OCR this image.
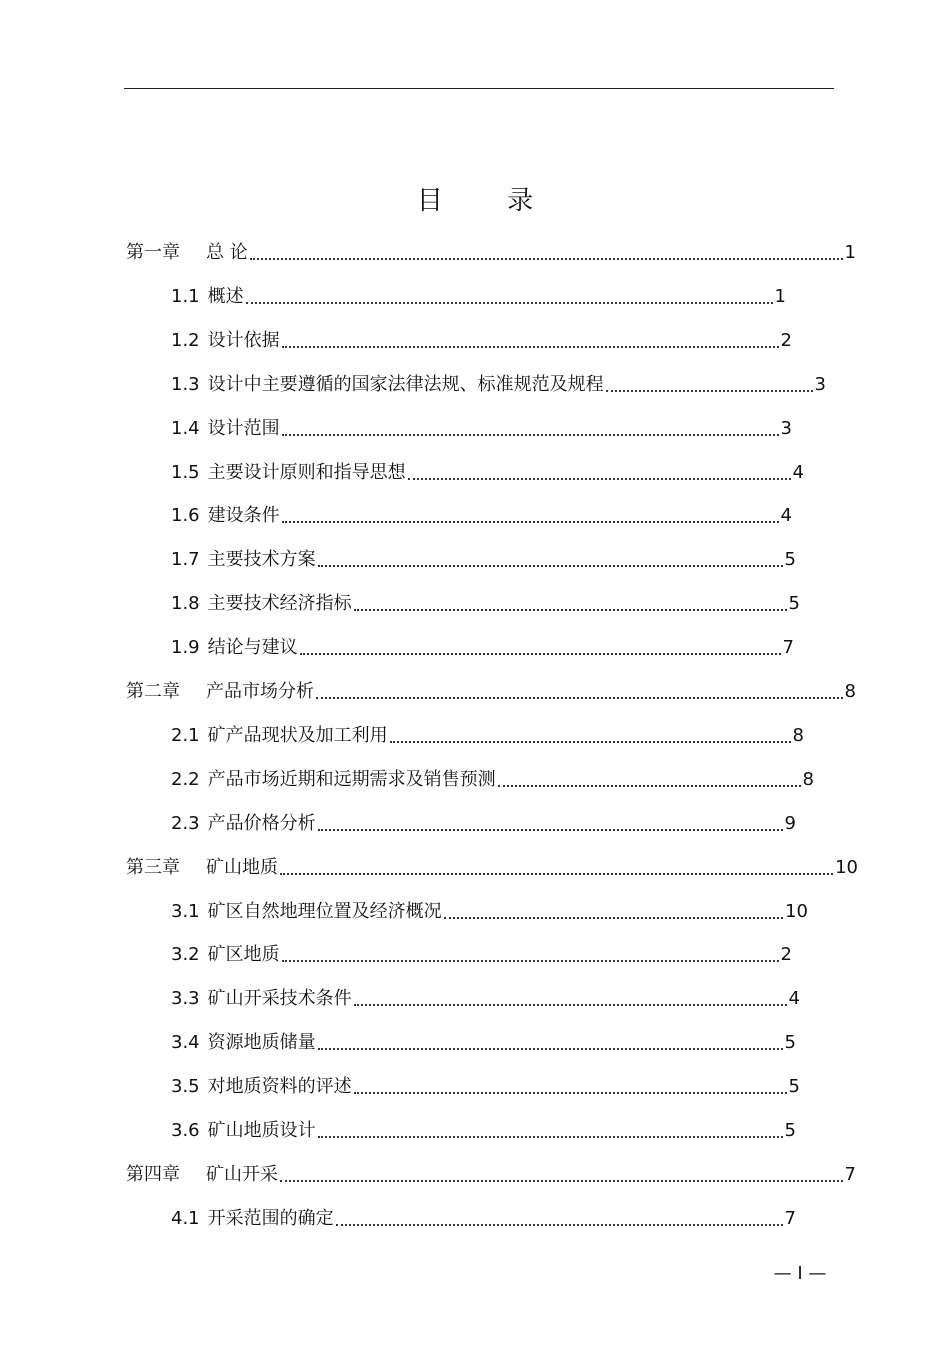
目 录
第一章 总 论	1
1.1 概述	1
1.2 设计依据	2
1.3 设计中主要遵循的国家法律法规、标准规范及规程	3
1.4 设计范围	3
1.5 主要设计原则和指导思想	4
1.6 建设条件	4
1.7 主要技术方案	5
1.8 主要技术经济指标	5
1.9 结论与建议	7
第二章 产品市场分析	8
2.1 矿产品现状及加工利用	8
2.2 产品市场近期和远期需求及销售预测	8
2.3 产品价格分析	9
第三章 矿山地质	10
3.1 矿区自然地理位置及经济概况	10
3.2 矿区地质	2
3.3 矿山开采技术条件	4
3.4 资源地质储量	5
3.5 对地质资料的评述	5
3.6 矿山地质设计	5
第四章 矿山开采	7
4.1 开采范围的确定	7
— I —
